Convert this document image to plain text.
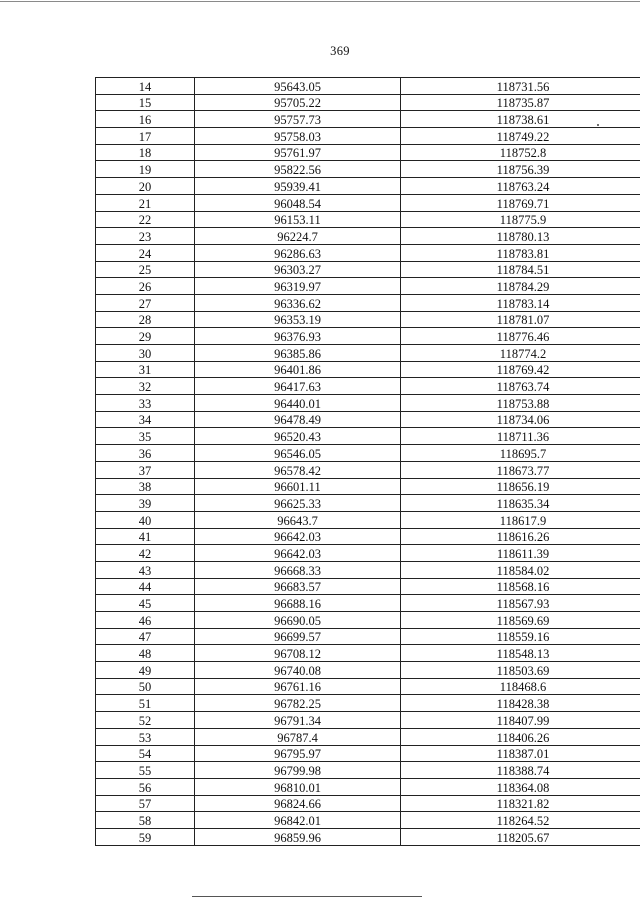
369
14	95643.05	118731.56
15	95705.22	118735.87
16	95757.73	118738.61
17	95758.03	118749.22
18	95761.97	118752.8
19	95822.56	118756.39
20	95939.41	118763.24
21	96048.54	118769.71
22	96153.11	118775.9
23	96224.7	118780.13
24	96286.63	118783.81
25	96303.27	118784.51
26	96319.97	118784.29
27	96336.62	118783.14
28	96353.19	118781.07
29	96376.93	118776.46
30	96385.86	118774.2
31	96401.86	118769.42
32	96417.63	118763.74
33	96440.01	118753.88
34	96478.49	118734.06
35	96520.43	118711.36
36	96546.05	118695.7
37	96578.42	118673.77
38	96601.11	118656.19
39	96625.33	118635.34
40	96643.7	118617.9
41	96642.03	118616.26
42	96642.03	118611.39
43	96668.33	118584.02
44	96683.57	118568.16
45	96688.16	118567.93
46	96690.05	118569.69
47	96699.57	118559.16
48	96708.12	118548.13
49	96740.08	118503.69
50	96761.16	118468.6
51	96782.25	118428.38
52	96791.34	118407.99
53	96787.4	118406.26
54	96795.97	118387.01
55	96799.98	118388.74
56	96810.01	118364.08
57	96824.66	118321.82
58	96842.01	118264.52
59	96859.96	118205.67
